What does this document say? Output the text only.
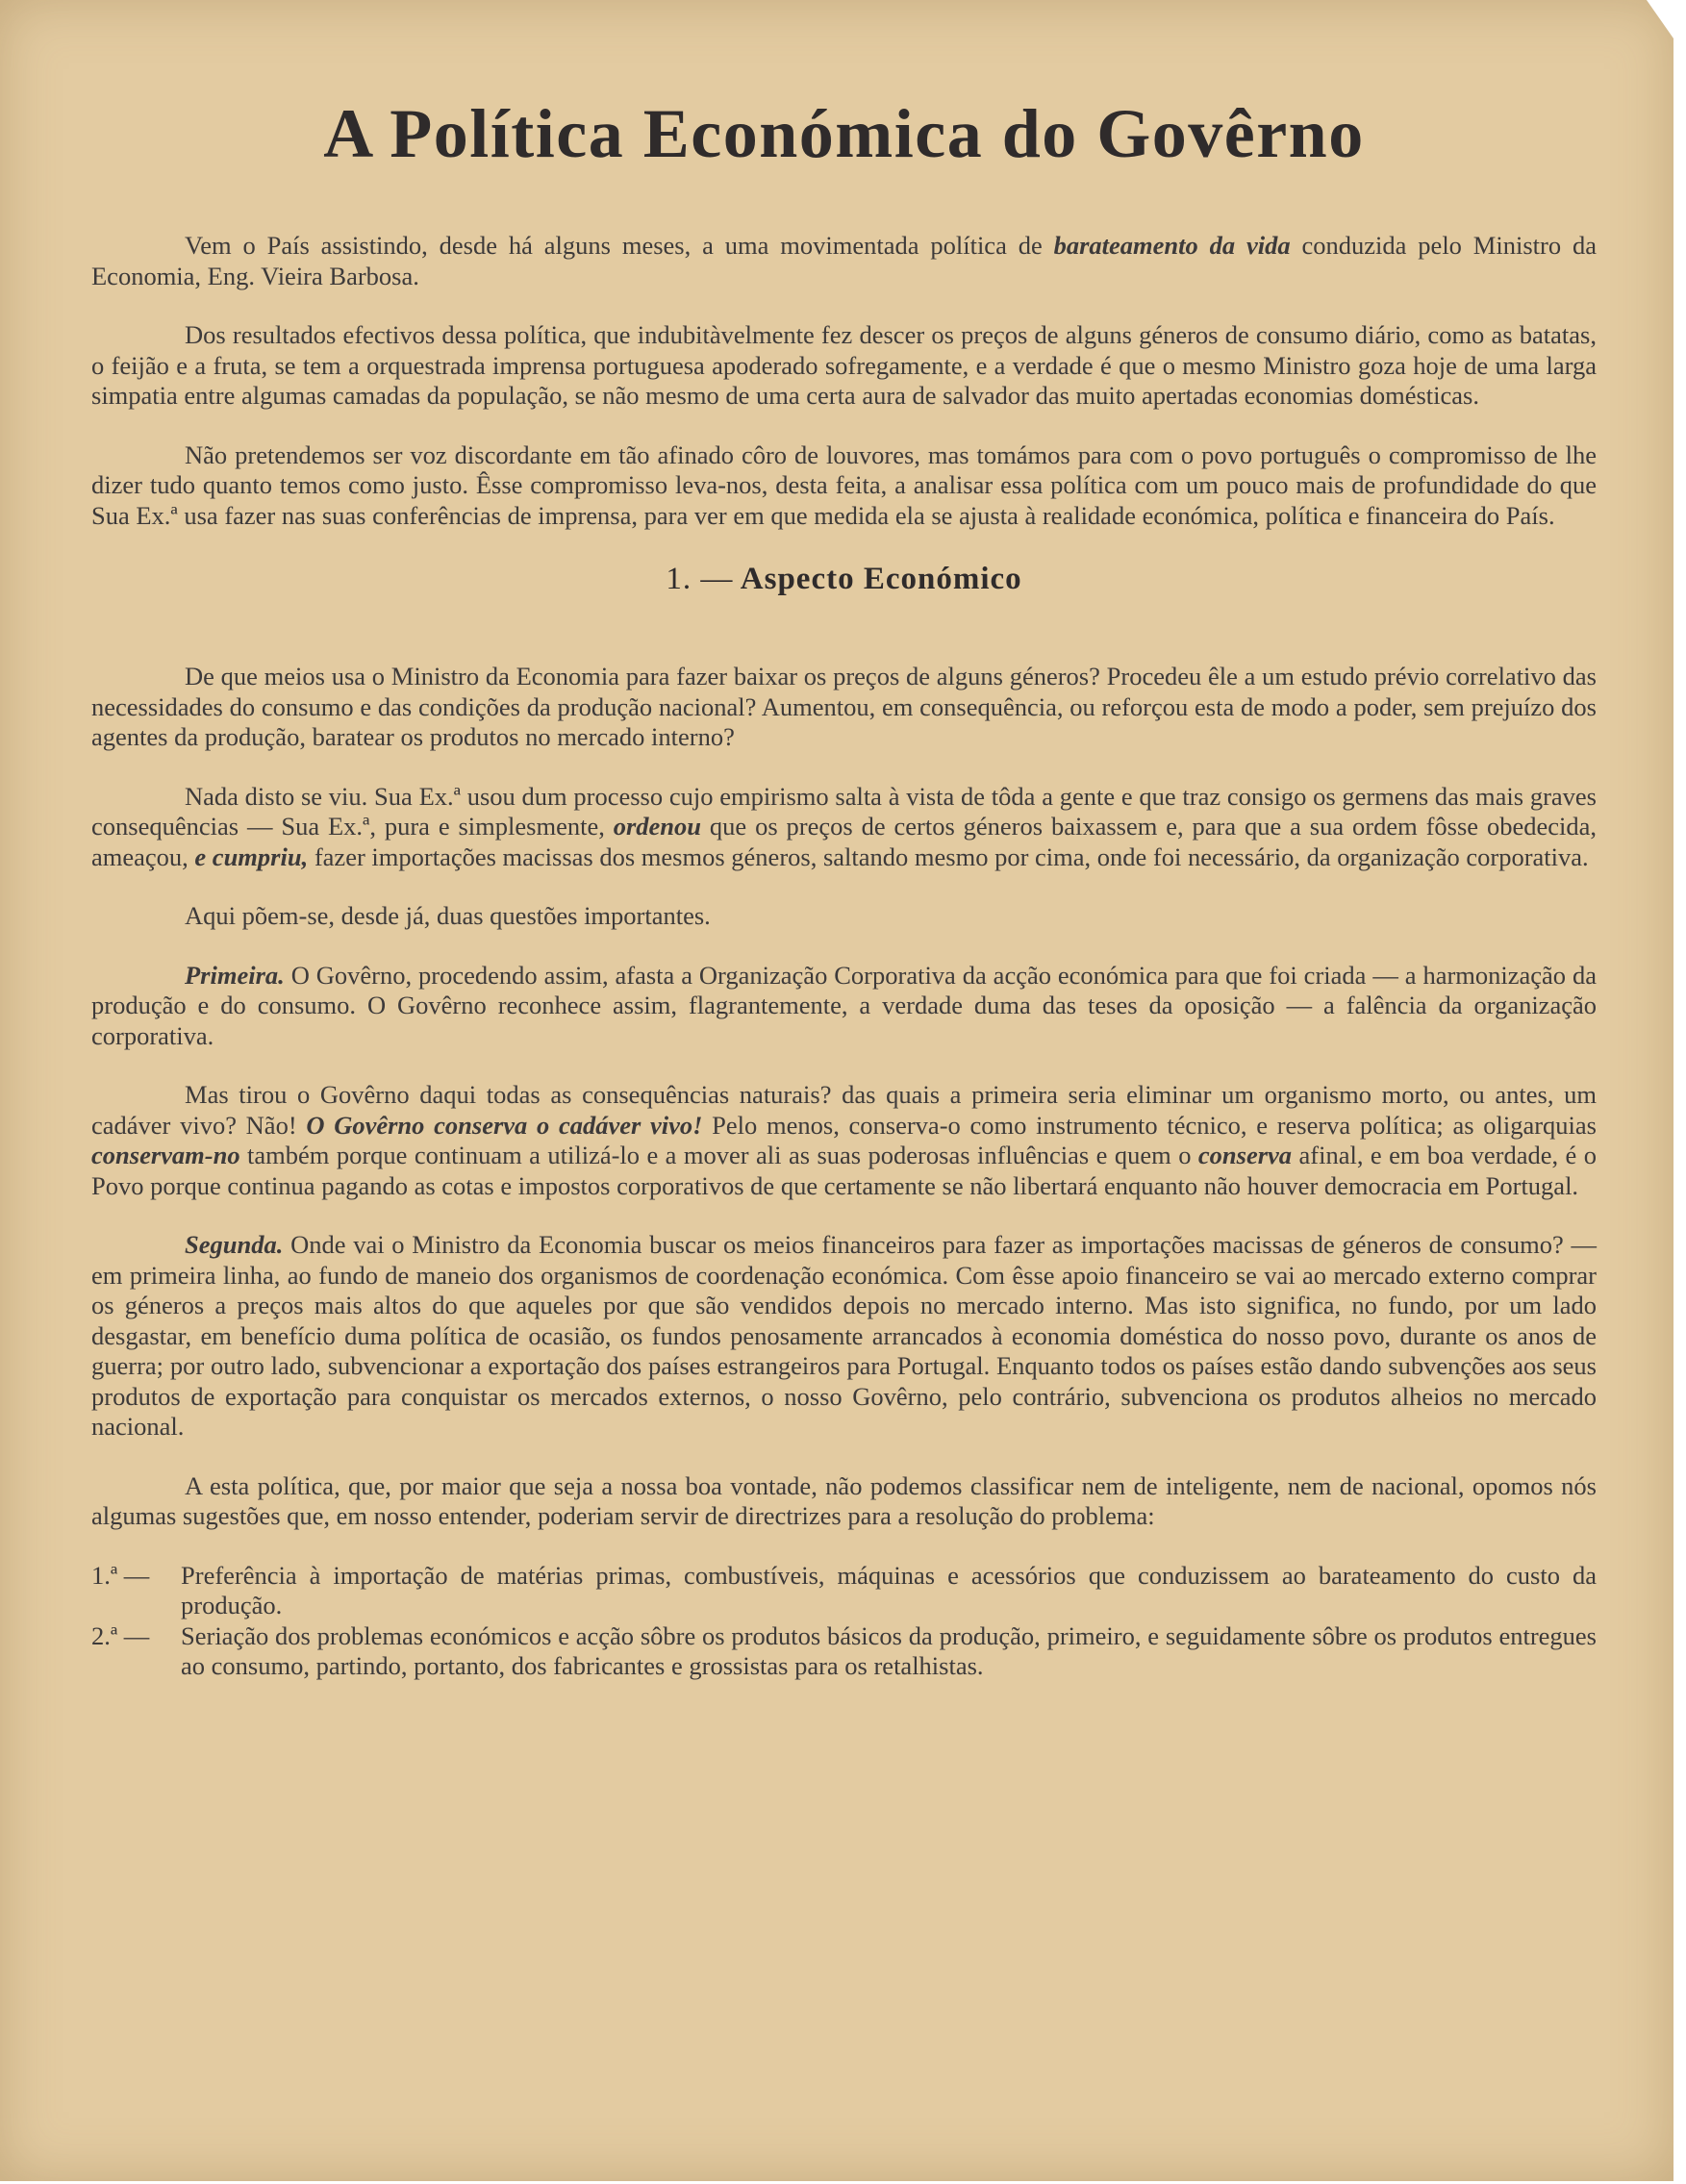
A Política Económica do Govêrno

Vem o País assistindo, desde há alguns meses, a uma movimentada política de barateamento da vida conduzida pelo Ministro da Economia, Eng. Vieira Barbosa.

Dos resultados efectivos dessa política, que indubitàvelmente fez descer os preços de alguns géneros de consumo diário, como as batatas, o feijão e a fruta, se tem a orquestrada imprensa portuguesa apoderado sofregamente, e a verdade é que o mesmo Ministro goza hoje de uma larga simpatia entre algumas camadas da população, se não mesmo de uma certa aura de salvador das muito apertadas economias domésticas.

Não pretendemos ser voz discordante em tão afinado côro de louvores, mas tomámos para com o povo português o compromisso de lhe dizer tudo quanto temos como justo. Êsse compromisso leva-nos, desta feita, a analisar essa política com um pouco mais de profundidade do que Sua Ex.ª usa fazer nas suas conferências de imprensa, para ver em que medida ela se ajusta à realidade económica, política e financeira do País.

1. — Aspecto Económico

De que meios usa o Ministro da Economia para fazer baixar os preços de alguns géneros? Procedeu êle a um estudo prévio correlativo das necessidades do consumo e das condições da produção nacional? Aumentou, em consequência, ou reforçou esta de modo a poder, sem prejuízo dos agentes da produção, baratear os produtos no mercado interno?

Nada disto se viu. Sua Ex.ª usou dum processo cujo empirismo salta à vista de tôda a gente e que traz consigo os germens das mais graves consequências — Sua Ex.ª, pura e simplesmente, ordenou que os preços de certos géneros baixassem e, para que a sua ordem fôsse obedecida, ameaçou, e cumpriu, fazer importações macissas dos mesmos géneros, saltando mesmo por cima, onde foi necessário, da organização corporativa.

Aqui põem-se, desde já, duas questões importantes.

Primeira. O Govêrno, procedendo assim, afasta a Organização Corporativa da acção económica para que foi criada — a harmonização da produção e do consumo. O Govêrno reconhece assim, flagrantemente, a verdade duma das teses da oposição — a falência da organização corporativa.

Mas tirou o Govêrno daqui todas as consequências naturais? das quais a primeira seria eliminar um organismo morto, ou antes, um cadáver vivo? Não! O Govêrno conserva o cadáver vivo! Pelo menos, conserva-o como instrumento técnico, e reserva política; as oligarquias conservam-no também porque continuam a utilizá-lo e a mover ali as suas poderosas influências e quem o conserva afinal, e em boa verdade, é o Povo porque continua pagando as cotas e impostos corporativos de que certamente se não libertará enquanto não houver democracia em Portugal.

Segunda. Onde vai o Ministro da Economia buscar os meios financeiros para fazer as importações macissas de géneros de consumo? — em primeira linha, ao fundo de maneio dos organismos de coordenação económica. Com êsse apoio financeiro se vai ao mercado externo comprar os géneros a preços mais altos do que aqueles por que são vendidos depois no mercado interno. Mas isto significa, no fundo, por um lado desgastar, em benefício duma política de ocasião, os fundos penosamente arrancados à economia doméstica do nosso povo, durante os anos de guerra; por outro lado, subvencionar a exportação dos países estrangeiros para Portugal. Enquanto todos os países estão dando subvenções aos seus produtos de exportação para conquistar os mercados externos, o nosso Govêrno, pelo contrário, subvenciona os produtos alheios no mercado nacional.

A esta política, que, por maior que seja a nossa boa vontade, não podemos classificar nem de inteligente, nem de nacional, opomos nós algumas sugestões que, em nosso entender, poderiam servir de directrizes para a resolução do problema:

1.ª —	Preferência à importação de matérias primas, combustíveis, máquinas e acessórios que conduzissem ao barateamento do custo da produção.
2.ª —	Seriação dos problemas económicos e acção sôbre os produtos básicos da produção, primeiro, e seguidamente sôbre os produtos entregues ao consumo, partindo, portanto, dos fabricantes e grossistas para os retalhistas.
